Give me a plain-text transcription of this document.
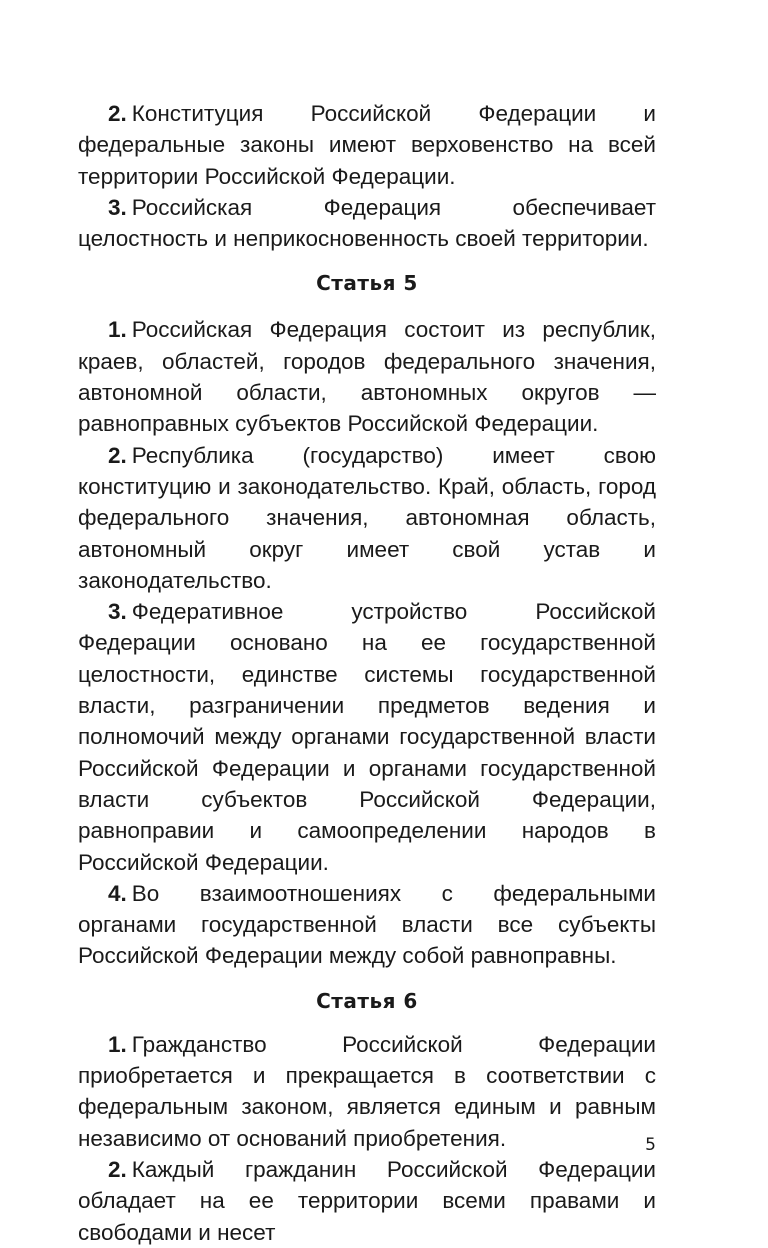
2. Конституция Российской Федерации и федеральные законы имеют верховенство на всей территории Российской Федерации.

3. Российская Федерация обеспечивает целостность и неприкосновенность своей территории.

Статья 5

1. Российская Федерация состоит из республик, краев, областей, городов федерального значения, автономной области, автономных округов — равноправных субъектов Российской Федерации.

2. Республика (государство) имеет свою конституцию и законодательство. Край, область, город федерального значения, автономная область, автономный округ имеет свой устав и законодательство.

3. Федеративное устройство Российской Федерации основано на ее государственной целостности, единстве системы государственной власти, разграничении предметов ведения и полномочий между органами государственной власти Российской Федерации и органами государственной власти субъектов Российской Федерации, равноправии и самоопределении народов в Российской Федерации.

4. Во взаимоотношениях с федеральными органами государственной власти все субъекты Российской Федерации между собой равноправны.

Статья 6

1. Гражданство Российской Федерации приобретается и прекращается в соответствии с федеральным законом, является единым и равным независимо от оснований приобретения.

2. Каждый гражданин Российской Федерации обладает на ее территории всеми правами и свободами и несет

5
